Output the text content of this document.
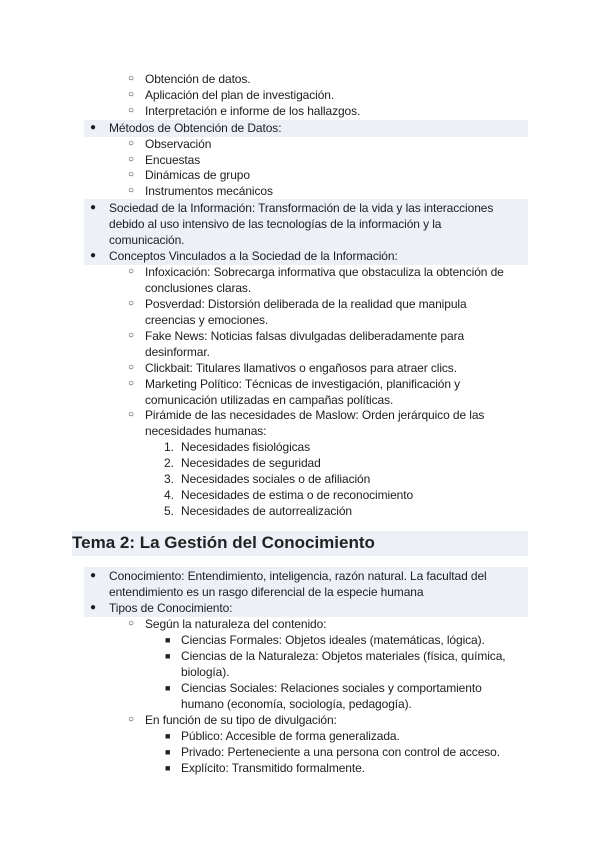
○ Obtención de datos.
○ Aplicación del plan de investigación.
○ Interpretación e informe de los hallazgos.
● Métodos de Obtención de Datos:
○ Observación
○ Encuestas
○ Dinámicas de grupo
○ Instrumentos mecánicos
● Sociedad de la Información: Transformación de la vida y las interacciones
debido al uso intensivo de las tecnologías de la información y la
comunicación.
● Conceptos Vinculados a la Sociedad de la Información:
○ Infoxicación: Sobrecarga informativa que obstaculiza la obtención de
conclusiones claras.
○ Posverdad: Distorsión deliberada de la realidad que manipula
creencias y emociones.
○ Fake News: Noticias falsas divulgadas deliberadamente para
desinformar.
○ Clickbait: Titulares llamativos o engañosos para atraer clics.
○ Marketing Político: Técnicas de investigación, planificación y
comunicación utilizadas en campañas políticas.
○ Pirámide de las necesidades de Maslow: Orden jerárquico de las
necesidades humanas:
1. Necesidades fisiológicas
2. Necesidades de seguridad
3. Necesidades sociales o de afiliación
4. Necesidades de estima o de reconocimiento
5. Necesidades de autorrealización
Tema 2: La Gestión del Conocimiento
● Conocimiento: Entendimiento, inteligencia, razón natural. La facultad del
entendimiento es un rasgo diferencial de la especie humana
● Tipos de Conocimiento:
○ Según la naturaleza del contenido:
■ Ciencias Formales: Objetos ideales (matemáticas, lógica).
■ Ciencias de la Naturaleza: Objetos materiales (física, química,
biología).
■ Ciencias Sociales: Relaciones sociales y comportamiento
humano (economía, sociología, pedagogía).
○ En función de su tipo de divulgación:
■ Público: Accesible de forma generalizada.
■ Privado: Perteneciente a una persona con control de acceso.
■ Explícito: Transmitido formalmente.
